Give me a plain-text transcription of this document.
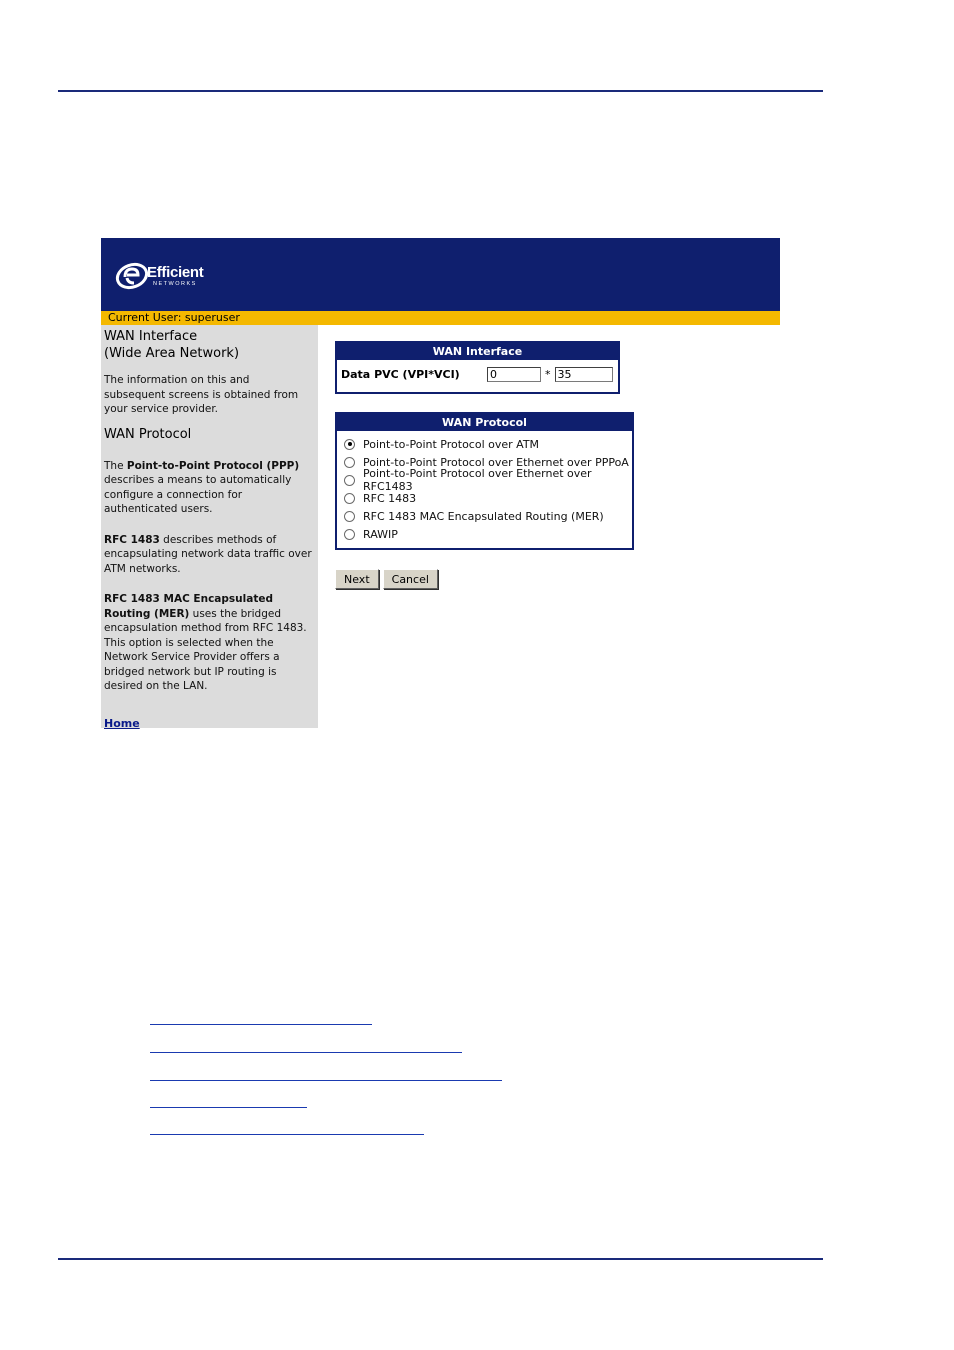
Efficient
NETWORKS
Current User: superuser

WAN Interface
(Wide Area Network)

The information on this and subsequent screens is obtained from your service provider.

WAN Protocol

The Point-to-Point Protocol (PPP) describes a means to automatically configure a connection for authenticated users.

RFC 1483 describes methods of encapsulating network data traffic over ATM networks.

RFC 1483 MAC Encapsulated Routing (MER) uses the bridged encapsulation method from RFC 1483. This option is selected when the Network Service Provider offers a bridged network but IP routing is desired on the LAN.

Home
WAN Interface
Data PVC (VPI*VCI)
0	*
35
WAN Protocol
Point-to-Point Protocol over ATM
Point-to-Point Protocol over Ethernet over PPPoA
Point-to-Point Protocol over Ethernet over RFC1483
RFC 1483
RFC 1483 MAC Encapsulated Routing (MER)
RAWIP
Next	Cancel
